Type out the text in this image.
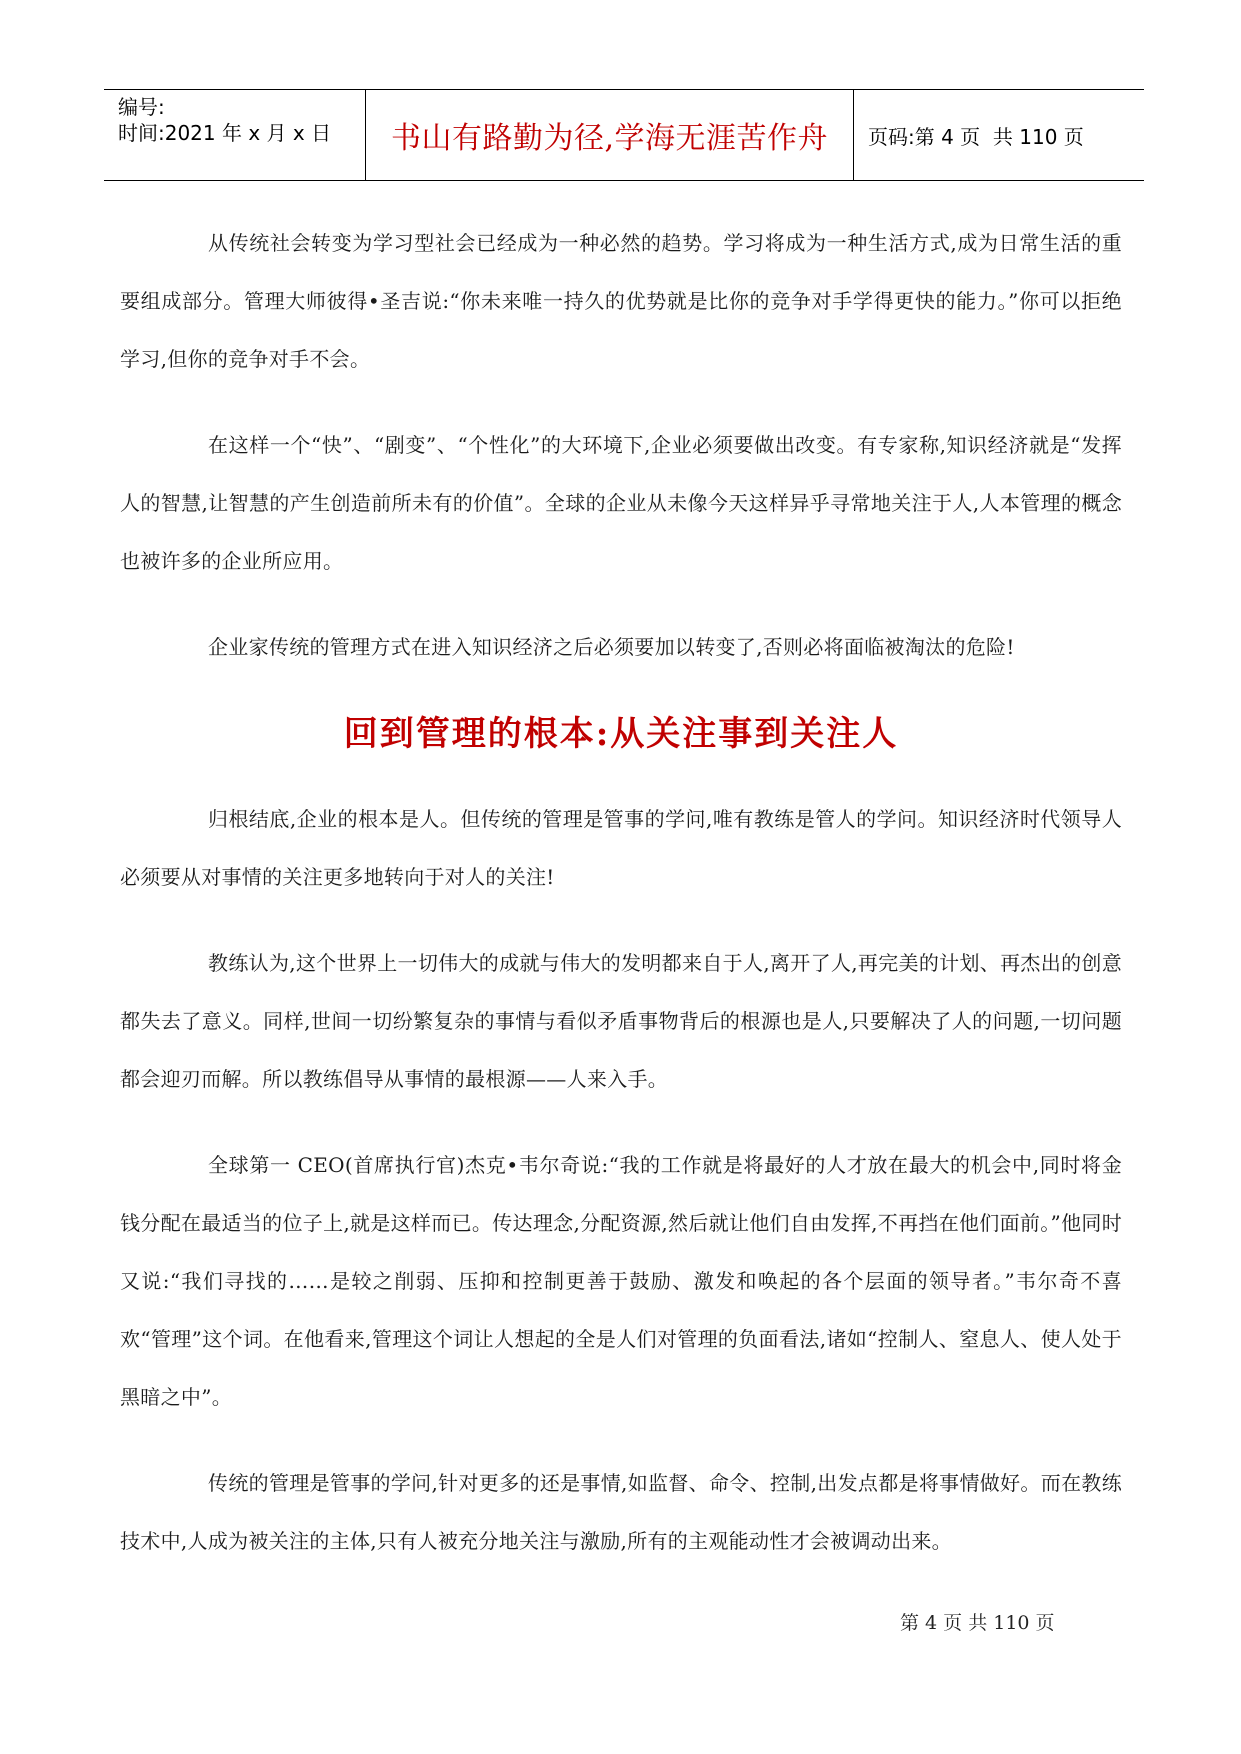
编号:
时间:2021 年 x 月 x 日	书山有路勤为径,学海无涯苦作舟	页码:第 4 页  共 110 页

从传统社会转变为学习型社会已经成为一种必然的趋势。学习将成为一种生活方式,成为日常生活的重要组成部分。管理大师彼得•圣吉说:“你未来唯一持久的优势就是比你的竞争对手学得更快的能力。”你可以拒绝学习,但你的竞争对手不会。

在这样一个“快”、“剧变”、“个性化”的大环境下,企业必须要做出改变。有专家称,知识经济就是“发挥人的智慧,让智慧的产生创造前所未有的价值”。全球的企业从未像今天这样异乎寻常地关注于人,人本管理的概念也被许多的企业所应用。

企业家传统的管理方式在进入知识经济之后必须要加以转变了,否则必将面临被淘汰的危险!

回到管理的根本:从关注事到关注人

归根结底,企业的根本是人。但传统的管理是管事的学问,唯有教练是管人的学问。知识经济时代领导人必须要从对事情的关注更多地转向于对人的关注!

教练认为,这个世界上一切伟大的成就与伟大的发明都来自于人,离开了人,再完美的计划、再杰出的创意都失去了意义。同样,世间一切纷繁复杂的事情与看似矛盾事物背后的根源也是人,只要解决了人的问题,一切问题都会迎刃而解。所以教练倡导从事情的最根源——人来入手。

全球第一 CEO(首席执行官)杰克•韦尔奇说:“我的工作就是将最好的人才放在最大的机会中,同时将金钱分配在最适当的位子上,就是这样而已。传达理念,分配资源,然后就让他们自由发挥,不再挡在他们面前。”他同时又说:“我们寻找的……是较之削弱、压抑和控制更善于鼓励、激发和唤起的各个层面的领导者。”韦尔奇不喜欢“管理”这个词。在他看来,管理这个词让人想起的全是人们对管理的负面看法,诸如“控制人、窒息人、使人处于黑暗之中”。

传统的管理是管事的学问,针对更多的还是事情,如监督、命令、控制,出发点都是将事情做好。而在教练技术中,人成为被关注的主体,只有人被充分地关注与激励,所有的主观能动性才会被调动出来。

第 4 页 共 110 页
